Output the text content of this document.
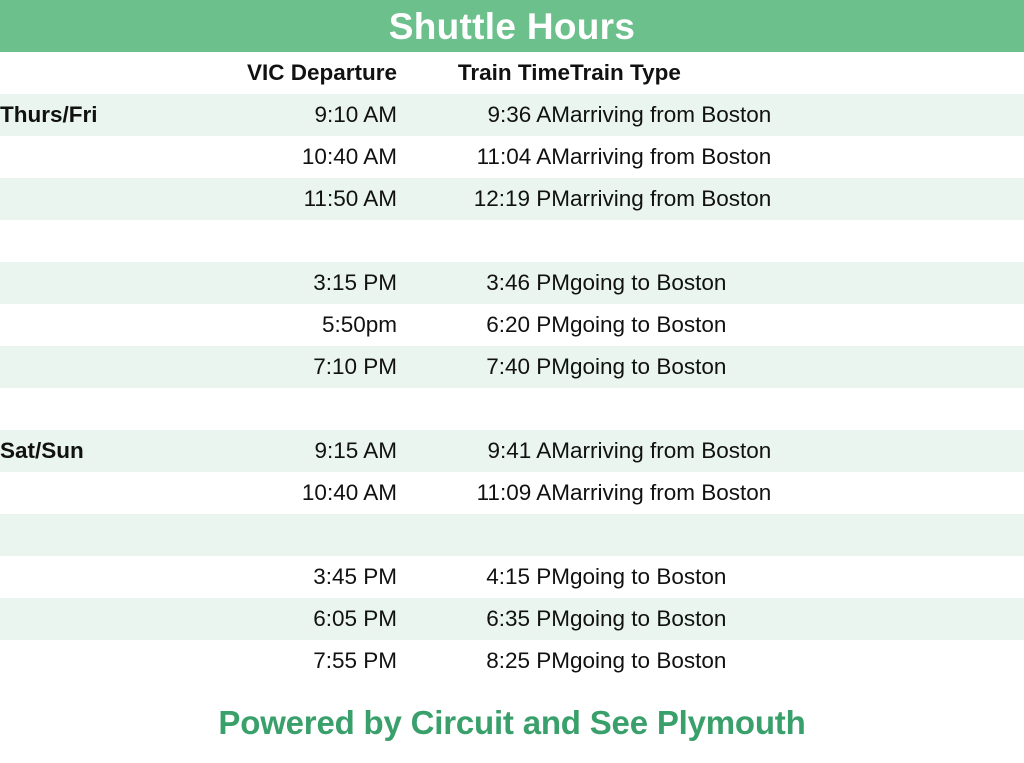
Shuttle Hours
	VIC Departure	Train Time	Train Type
Thurs/Fri	9:10 AM	9:36 AM	arriving from Boston
	10:40 AM	11:04 AM	arriving from Boston
	11:50 AM	12:19 PM	arriving from Boston

	3:15 PM	3:46 PM	going to Boston
	5:50pm	6:20 PM	going to Boston
	7:10 PM	7:40 PM	going to Boston

Sat/Sun	9:15 AM	9:41 AM	arriving from Boston
	10:40 AM	11:09 AM	arriving from Boston

	3:45 PM	4:15 PM	going to Boston
	6:05 PM	6:35 PM	going to Boston
	7:55 PM	8:25 PM	going to Boston
Powered by Circuit and See Plymouth
